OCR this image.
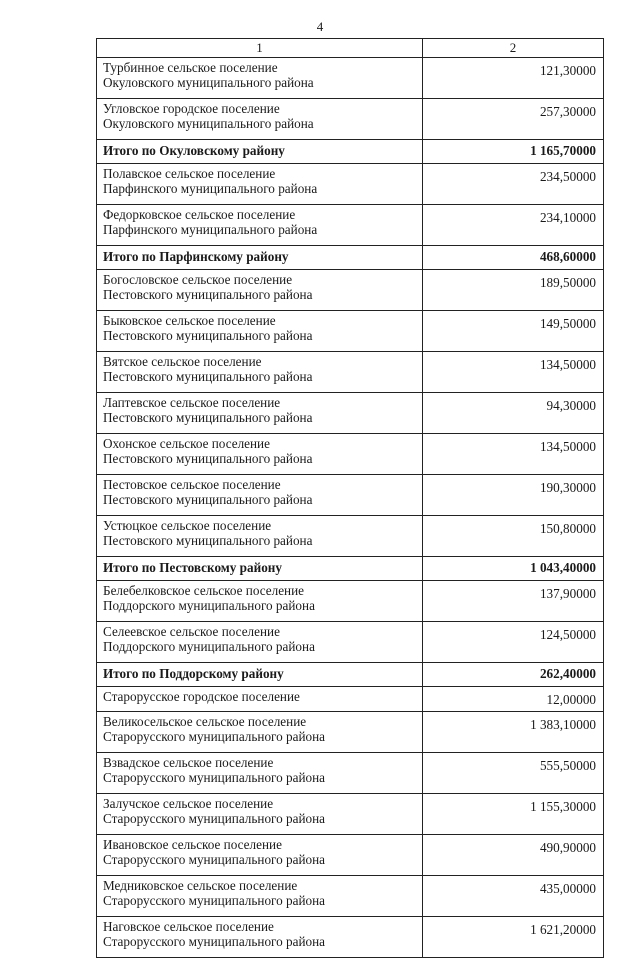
4
1	2

Турбинное сельское поселение
Окуловского муниципального района	121,30000

Угловское городское поселение
Окуловского муниципального района	257,30000

Итого по Окуловскому району	1 165,70000

Полавское сельское поселение
Парфинского муниципального района	234,50000

Федорковское сельское поселение
Парфинского муниципального района	234,10000

Итого по Парфинскому району	468,60000

Богословское сельское поселение
Пестовского муниципального района	189,50000

Быковское сельское поселение
Пестовского муниципального района	149,50000

Вятское сельское поселение
Пестовского муниципального района	134,50000

Лаптевское сельское поселение
Пестовского муниципального района	94,30000

Охонское сельское поселение
Пестовского муниципального района	134,50000

Пестовское сельское поселение
Пестовского муниципального района	190,30000

Устюцкое сельское поселение
Пестовского муниципального района	150,80000

Итого по Пестовскому району	1 043,40000

Белебелковское сельское поселение
Поддорского муниципального района	137,90000

Селеевское сельское поселение
Поддорского муниципального района	124,50000

Итого по Поддорскому району	262,40000

Старорусское городское поселение	12,00000

Великосельское сельское поселение
Старорусского муниципального района	1 383,10000

Взвадское сельское поселение
Старорусского муниципального района	555,50000

Залучское сельское поселение
Старорусского муниципального района	1 155,30000

Ивановское сельское поселение
Старорусского муниципального района	490,90000

Медниковское сельское поселение
Старорусского муниципального района	435,00000

Наговское сельское поселение
Старорусского муниципального района	1 621,20000
